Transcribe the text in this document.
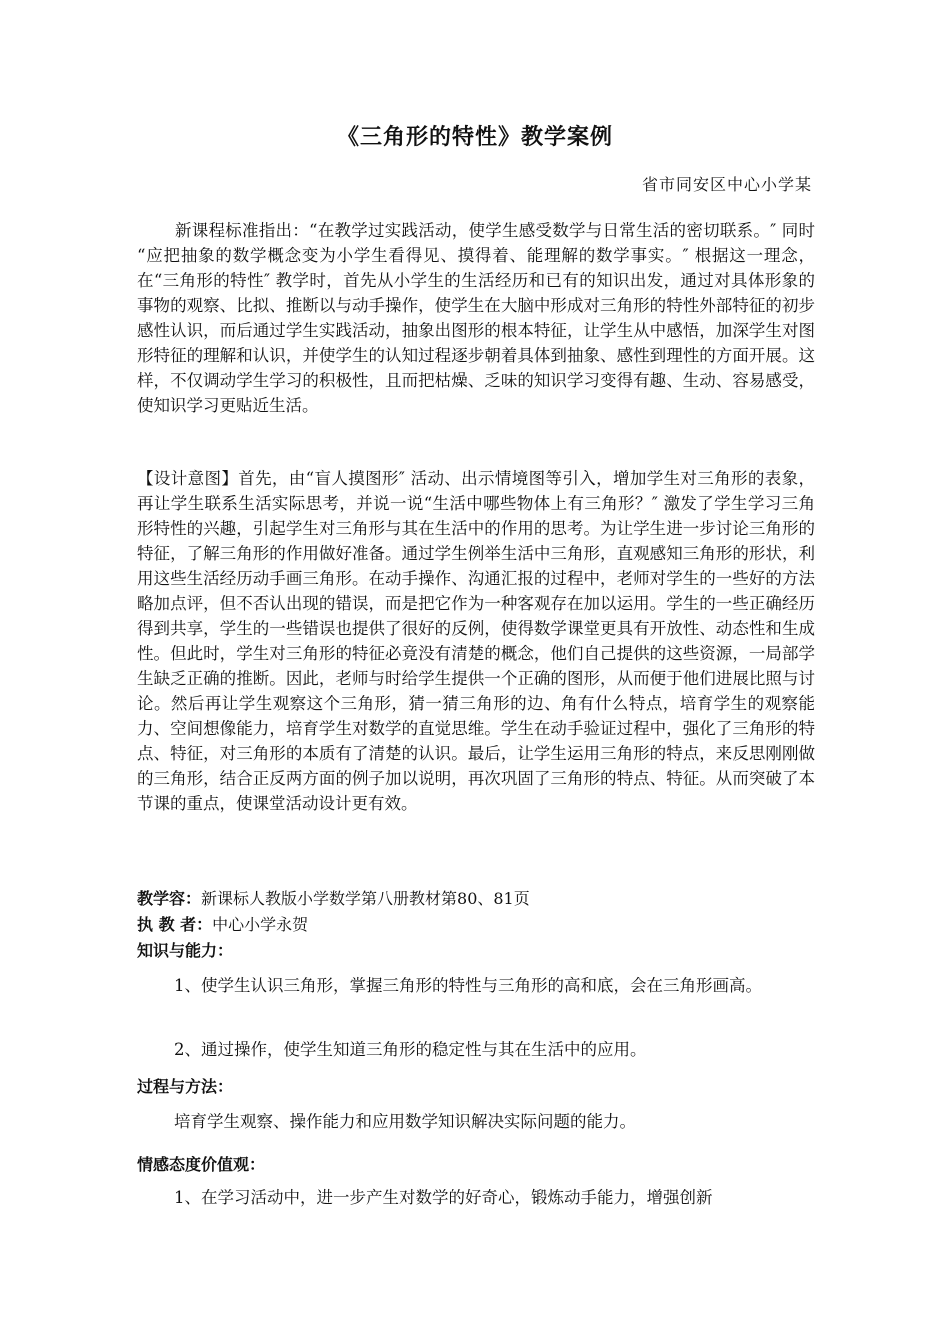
《三角形的特性》教学案例
省市同安区中心小学某

新课程标准指出：“在教学过实践活动，使学生感受数学与日常生活的密切联系。″ 同时 “应把抽象的数学概念变为小学生看得见、摸得着、能理解的数学事实。″ 根据这一理念，在“三角形的特性″ 教学时，首先从小学生的生活经历和已有的知识出发，通过对具体形象的事物的观察、比拟、推断以与动手操作，使学生在大脑中形成对三角形的特性外部特征的初步感性认识，而后通过学生实践活动，抽象出图形的根本特征，让学生从中感悟，加深学生对图形特征的理解和认识，并使学生的认知过程逐步朝着具体到抽象、感性到理性的方面开展。这样，不仅调动学生学习的积极性，且而把枯燥、乏味的知识学习变得有趣、生动、容易感受，使知识学习更贴近生活。

【设计意图】首先，由“盲人摸图形″ 活动、出示情境图等引入，增加学生对三角形的表象，再让学生联系生活实际思考，并说一说“生活中哪些物体上有三角形？″ 激发了学生学习三角形特性的兴趣，引起学生对三角形与其在生活中的作用的思考。为让学生进一步讨论三角形的特征，了解三角形的作用做好准备。通过学生例举生活中三角形，直观感知三角形的形状，利用这些生活经历动手画三角形。在动手操作、沟通汇报的过程中，老师对学生的一些好的方法略加点评，但不否认出现的错误，而是把它作为一种客观存在加以运用。学生的一些正确经历得到共享，学生的一些错误也提供了很好的反例，使得数学课堂更具有开放性、动态性和生成性。但此时，学生对三角形的特征必竟没有清楚的概念，他们自己提供的这些资源，一局部学生缺乏正确的推断。因此，老师与时给学生提供一个正确的图形，从而便于他们进展比照与讨论。然后再让学生观察这个三角形，猜一猜三角形的边、角有什么特点，培育学生的观察能力、空间想像能力，培育学生对数学的直觉思维。学生在动手验证过程中，强化了三角形的特点、特征，对三角形的本质有了清楚的认识。最后，让学生运用三角形的特点，来反思刚刚做的三角形，结合正反两方面的例子加以说明，再次巩固了三角形的特点、特征。从而突破了本节课的重点，使课堂活动设计更有效。

教学容：新课标人教版小学数学第八册教材第80、81页

执 教 者：中心小学永贺

知识与能力：

1、使学生认识三角形，掌握三角形的特性与三角形的高和底，会在三角形画高。

2、通过操作，使学生知道三角形的稳定性与其在生活中的应用。

过程与方法：

培育学生观察、操作能力和应用数学知识解决实际问题的能力。

情感态度价值观：

1、在学习活动中，进一步产生对数学的好奇心，锻炼动手能力，增强创新
